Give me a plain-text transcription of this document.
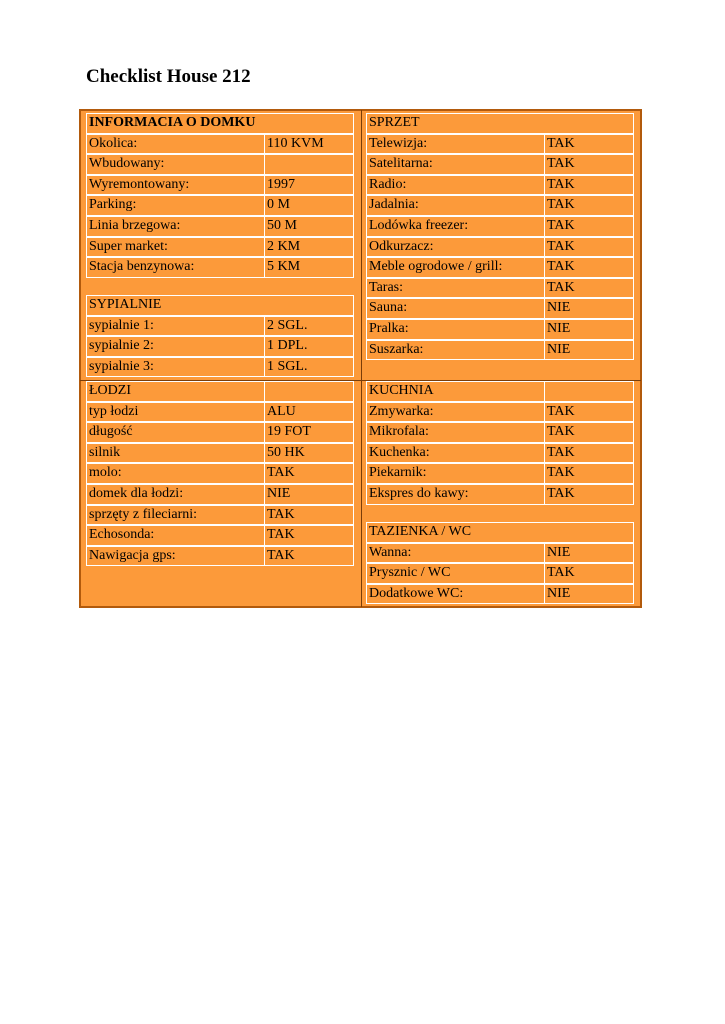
Checklist House 212
INFORMACIA O DOMKU
Okolica:	110 KVM
Wbudowany:
Wyremontowany:	1997
Parking:	0 M
Linia brzegowa:	50 M
Super market:	2 KM
Stacja benzynowa:	5 KM
SYPIALNIE
sypialnie 1:	2 SGL.
sypialnie 2:	1 DPL.
sypialnie 3:	1 SGL.
SPRZET
Telewizja:	TAK
Satelitarna:	TAK
Radio:	TAK
Jadalnia:	TAK
Lodówka freezer:	TAK
Odkurzacz:	TAK
Meble ogrodowe / grill:	TAK
Taras:	TAK
Sauna:	NIE
Pralka:	NIE
Suszarka:	NIE
ŁODZI
typ łodzi	ALU
długość	19 FOT
silnik	50 HK
molo:	TAK
domek dla łodzi:	NIE
sprzęty z fileciarni:	TAK
Echosonda:	TAK
Nawigacja gps:	TAK
KUCHNIA
Zmywarka:	TAK
Mikrofala:	TAK
Kuchenka:	TAK
Piekarnik:	TAK
Ekspres do kawy:	TAK
TAZIENKA / WC
Wanna:	NIE
Prysznic / WC	TAK
Dodatkowe WC:	NIE
